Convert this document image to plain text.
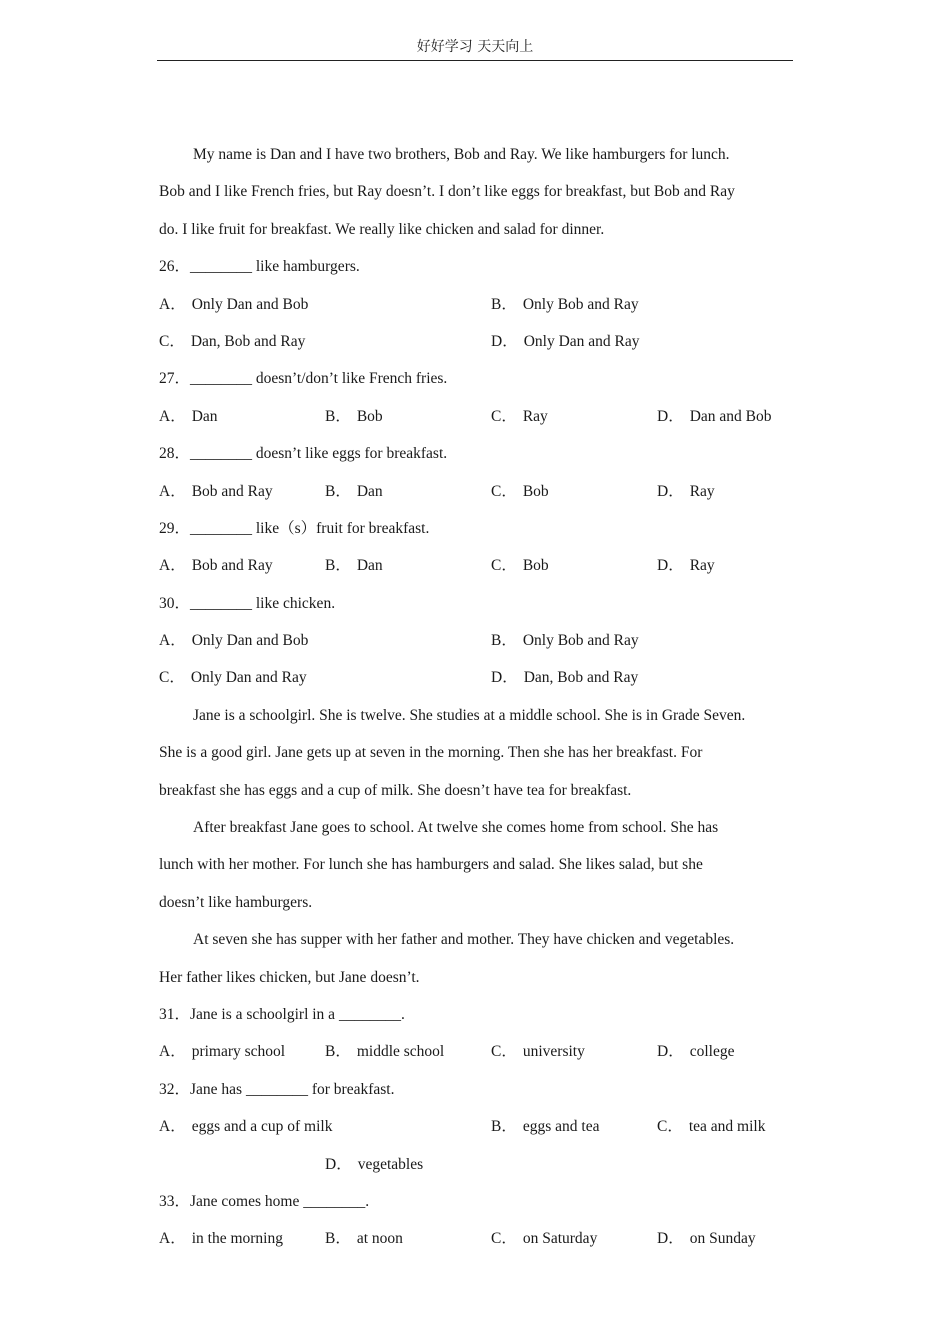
好好学习 天天向上
My name is Dan and I have two brothers, Bob and Ray. We like hamburgers for lunch.
Bob and I like French fries, but Ray doesn’t. I don’t like eggs for breakfast, but Bob and Ray
do. I like fruit for breakfast. We really like chicken and salad for dinner.
26．________ like hamburgers.
A． Only Dan and Bob	B． Only Bob and Ray
C． Dan, Bob and Ray	D． Only Dan and Ray
27．________ doesn’t/don’t like French fries.
A． Dan	B． Bob	C． Ray	D． Dan and Bob
28．________ doesn’t like eggs for breakfast.
A． Bob and Ray	B． Dan	C． Bob	D． Ray
29．________ like（s）fruit for breakfast.
A． Bob and Ray	B． Dan	C． Bob	D． Ray
30．________ like chicken.
A． Only Dan and Bob	B． Only Bob and Ray
C． Only Dan and Ray	D． Dan, Bob and Ray
Jane is a schoolgirl. She is twelve. She studies at a middle school. She is in Grade Seven.
She is a good girl. Jane gets up at seven in the morning. Then she has her breakfast. For
breakfast she has eggs and a cup of milk. She doesn’t have tea for breakfast.
After breakfast Jane goes to school. At twelve she comes home from school. She has
lunch with her mother. For lunch she has hamburgers and salad. She likes salad, but she
doesn’t like hamburgers.
At seven she has supper with her father and mother. They have chicken and vegetables.
Her father likes chicken, but Jane doesn’t.
31．Jane is a schoolgirl in a ________.
A． primary school	B． middle school	C． university	D． college
32．Jane has ________ for breakfast.
A． eggs and a cup of milk	B． eggs and tea	C． tea and milk
D． vegetables
33．Jane comes home ________.
A． in the morning	B． at noon	C． on Saturday	D． on Sunday
